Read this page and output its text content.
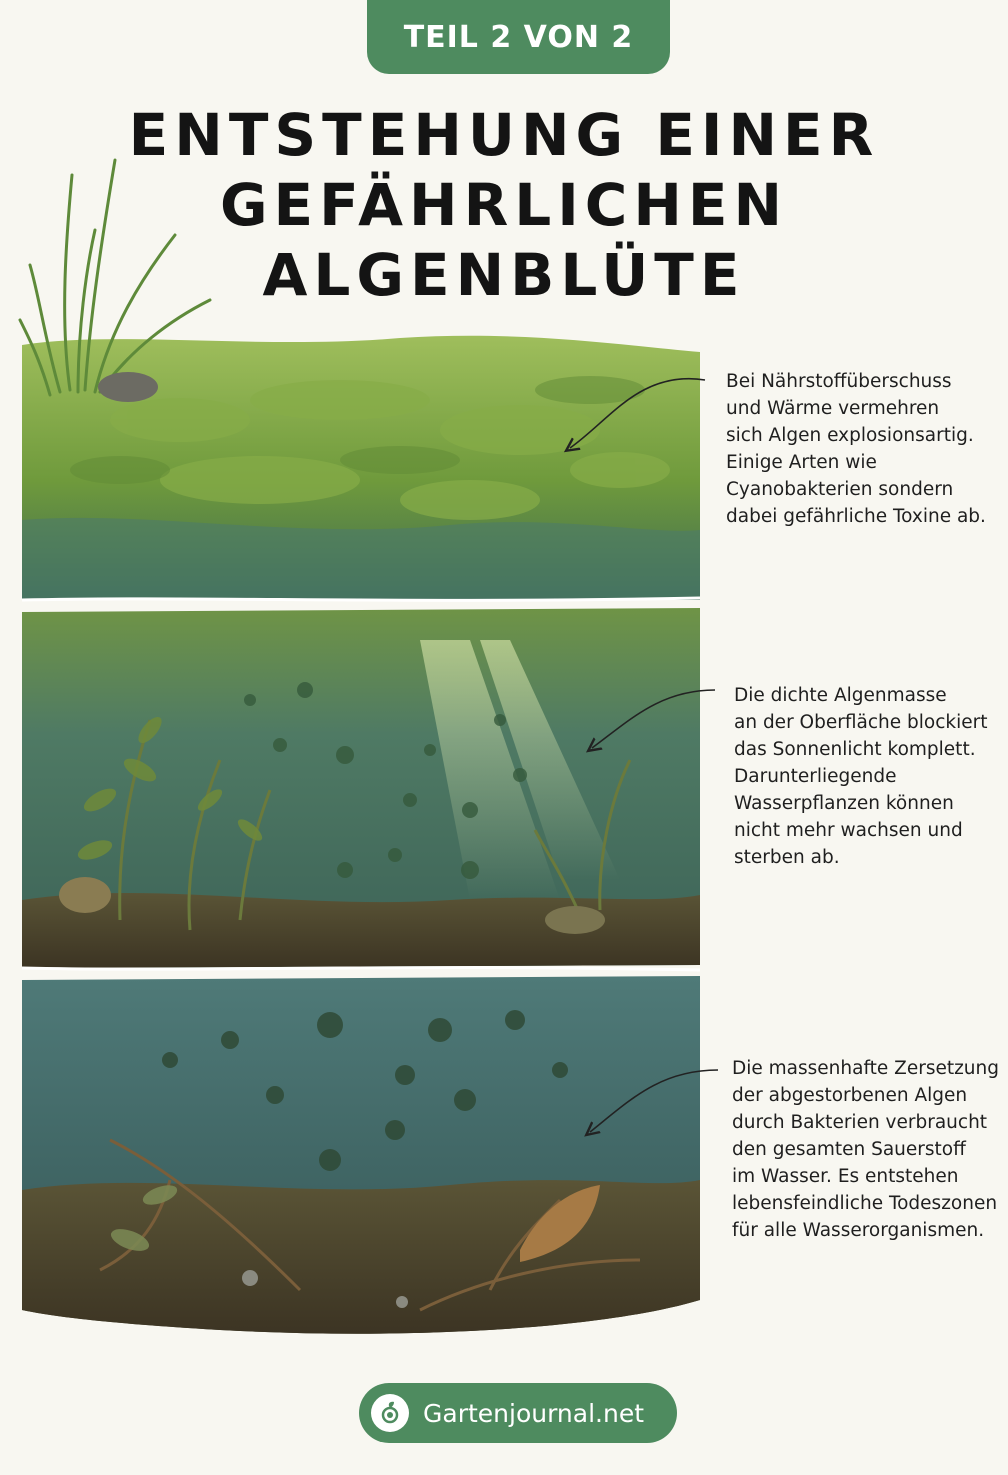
TEIL 2 VON 2
ENTSTEHUNG EINER
GEFÄHRLICHEN
ALGENBLÜTE
Bei Nährstoffüberschuss
und Wärme vermehren
sich Algen explosionsartig.
Einige Arten wie
Cyanobakterien sondern
dabei gefährliche Toxine ab.
Die dichte Algenmasse
an der Oberfläche blockiert
das Sonnenlicht komplett.
Darunterliegende
Wasserpflanzen können
nicht mehr wachsen und
sterben ab.
Die massenhafte Zersetzung
der abgestorbenen Algen
durch Bakterien verbraucht
den gesamten Sauerstoff
im Wasser. Es entstehen
lebensfeindliche Todeszonen
für alle Wasserorganismen.
Gartenjournal.net
